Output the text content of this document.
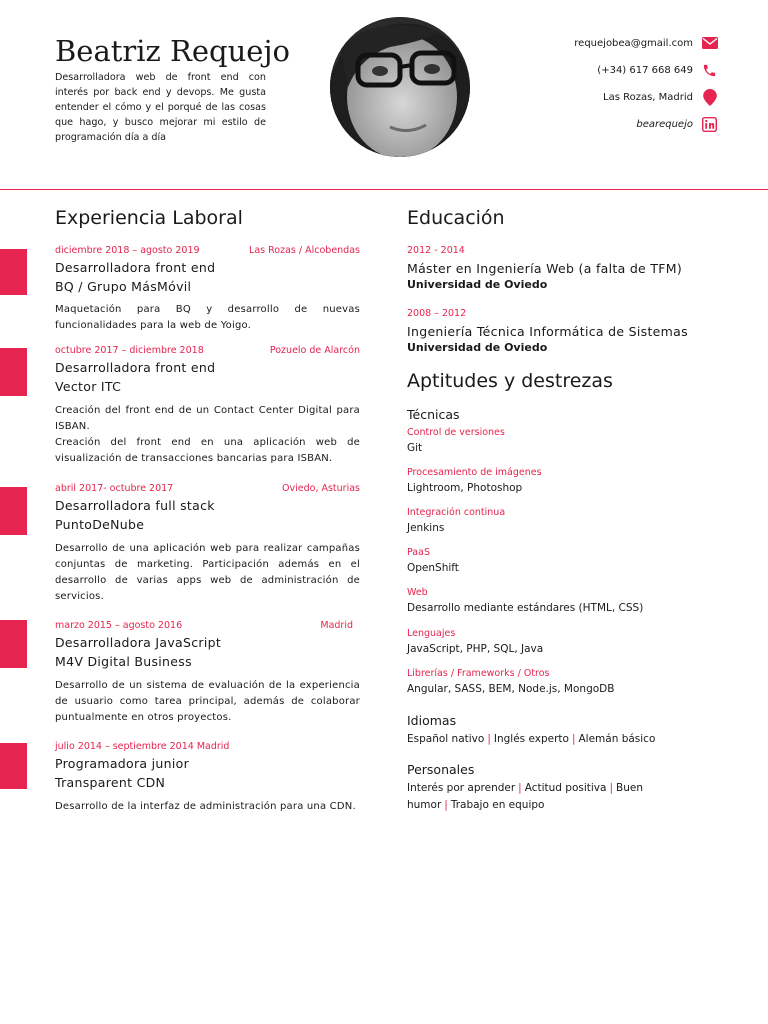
Beatriz Requejo

Desarrolladora web de front end con interés por back end y devops. Me gusta entender el cómo y el porqué de las cosas que hago, y busco mejorar mi estilo de programación día a día

requejobea@gmail.com
(+34) 617 668 649
Las Rozas, Madrid
bearequejo
Experiencia Laboral
diciembre 2018 – agosto 2019	Las Rozas / Alcobendas
Desarrolladora front end
BQ / Grupo MásMóvil
Maquetación para BQ y desarrollo de nuevas funcionalidades para la web de Yoigo.
octubre 2017 – diciembre 2018	Pozuelo de Alarcón
Desarrolladora front end
Vector ITC
Creación del front end de un Contact Center Digital para ISBAN.
Creación del front end en una aplicación web de visualización de transacciones bancarias para ISBAN.
abril 2017- octubre 2017	Oviedo, Asturias
Desarrolladora full stack
PuntoDeNube
Desarrollo de una aplicación web para realizar campañas conjuntas de marketing. Participación además en el desarrollo de varias apps web de administración de servicios.
marzo 2015 – agosto 2016	Madrid
Desarrolladora JavaScript
M4V Digital Business
Desarrollo de un sistema de evaluación de la experiencia de usuario como tarea principal, además de colaborar puntualmente en otros proyectos.
julio 2014 – septiembre 2014 Madrid
Programadora junior
Transparent CDN
Desarrollo de la interfaz de administración para una CDN.
Educación
2012 - 2014
Máster en Ingeniería Web (a falta de TFM)
Universidad de Oviedo
2008 – 2012
Ingeniería Técnica Informática de Sistemas
Universidad de Oviedo
Aptitudes y destrezas
Técnicas
Control de versiones
Git
Procesamiento de imágenes
Lightroom, Photoshop
Integración continua
Jenkins
PaaS
OpenShift
Web
Desarrollo mediante estándares (HTML, CSS)
Lenguajes
JavaScript, PHP, SQL, Java
Librerías / Frameworks / Otros
Angular, SASS, BEM, Node.js, MongoDB
Idiomas
Español nativo | Inglés experto | Alemán básico
Personales
Interés por aprender | Actitud positiva | Buen humor | Trabajo en equipo
